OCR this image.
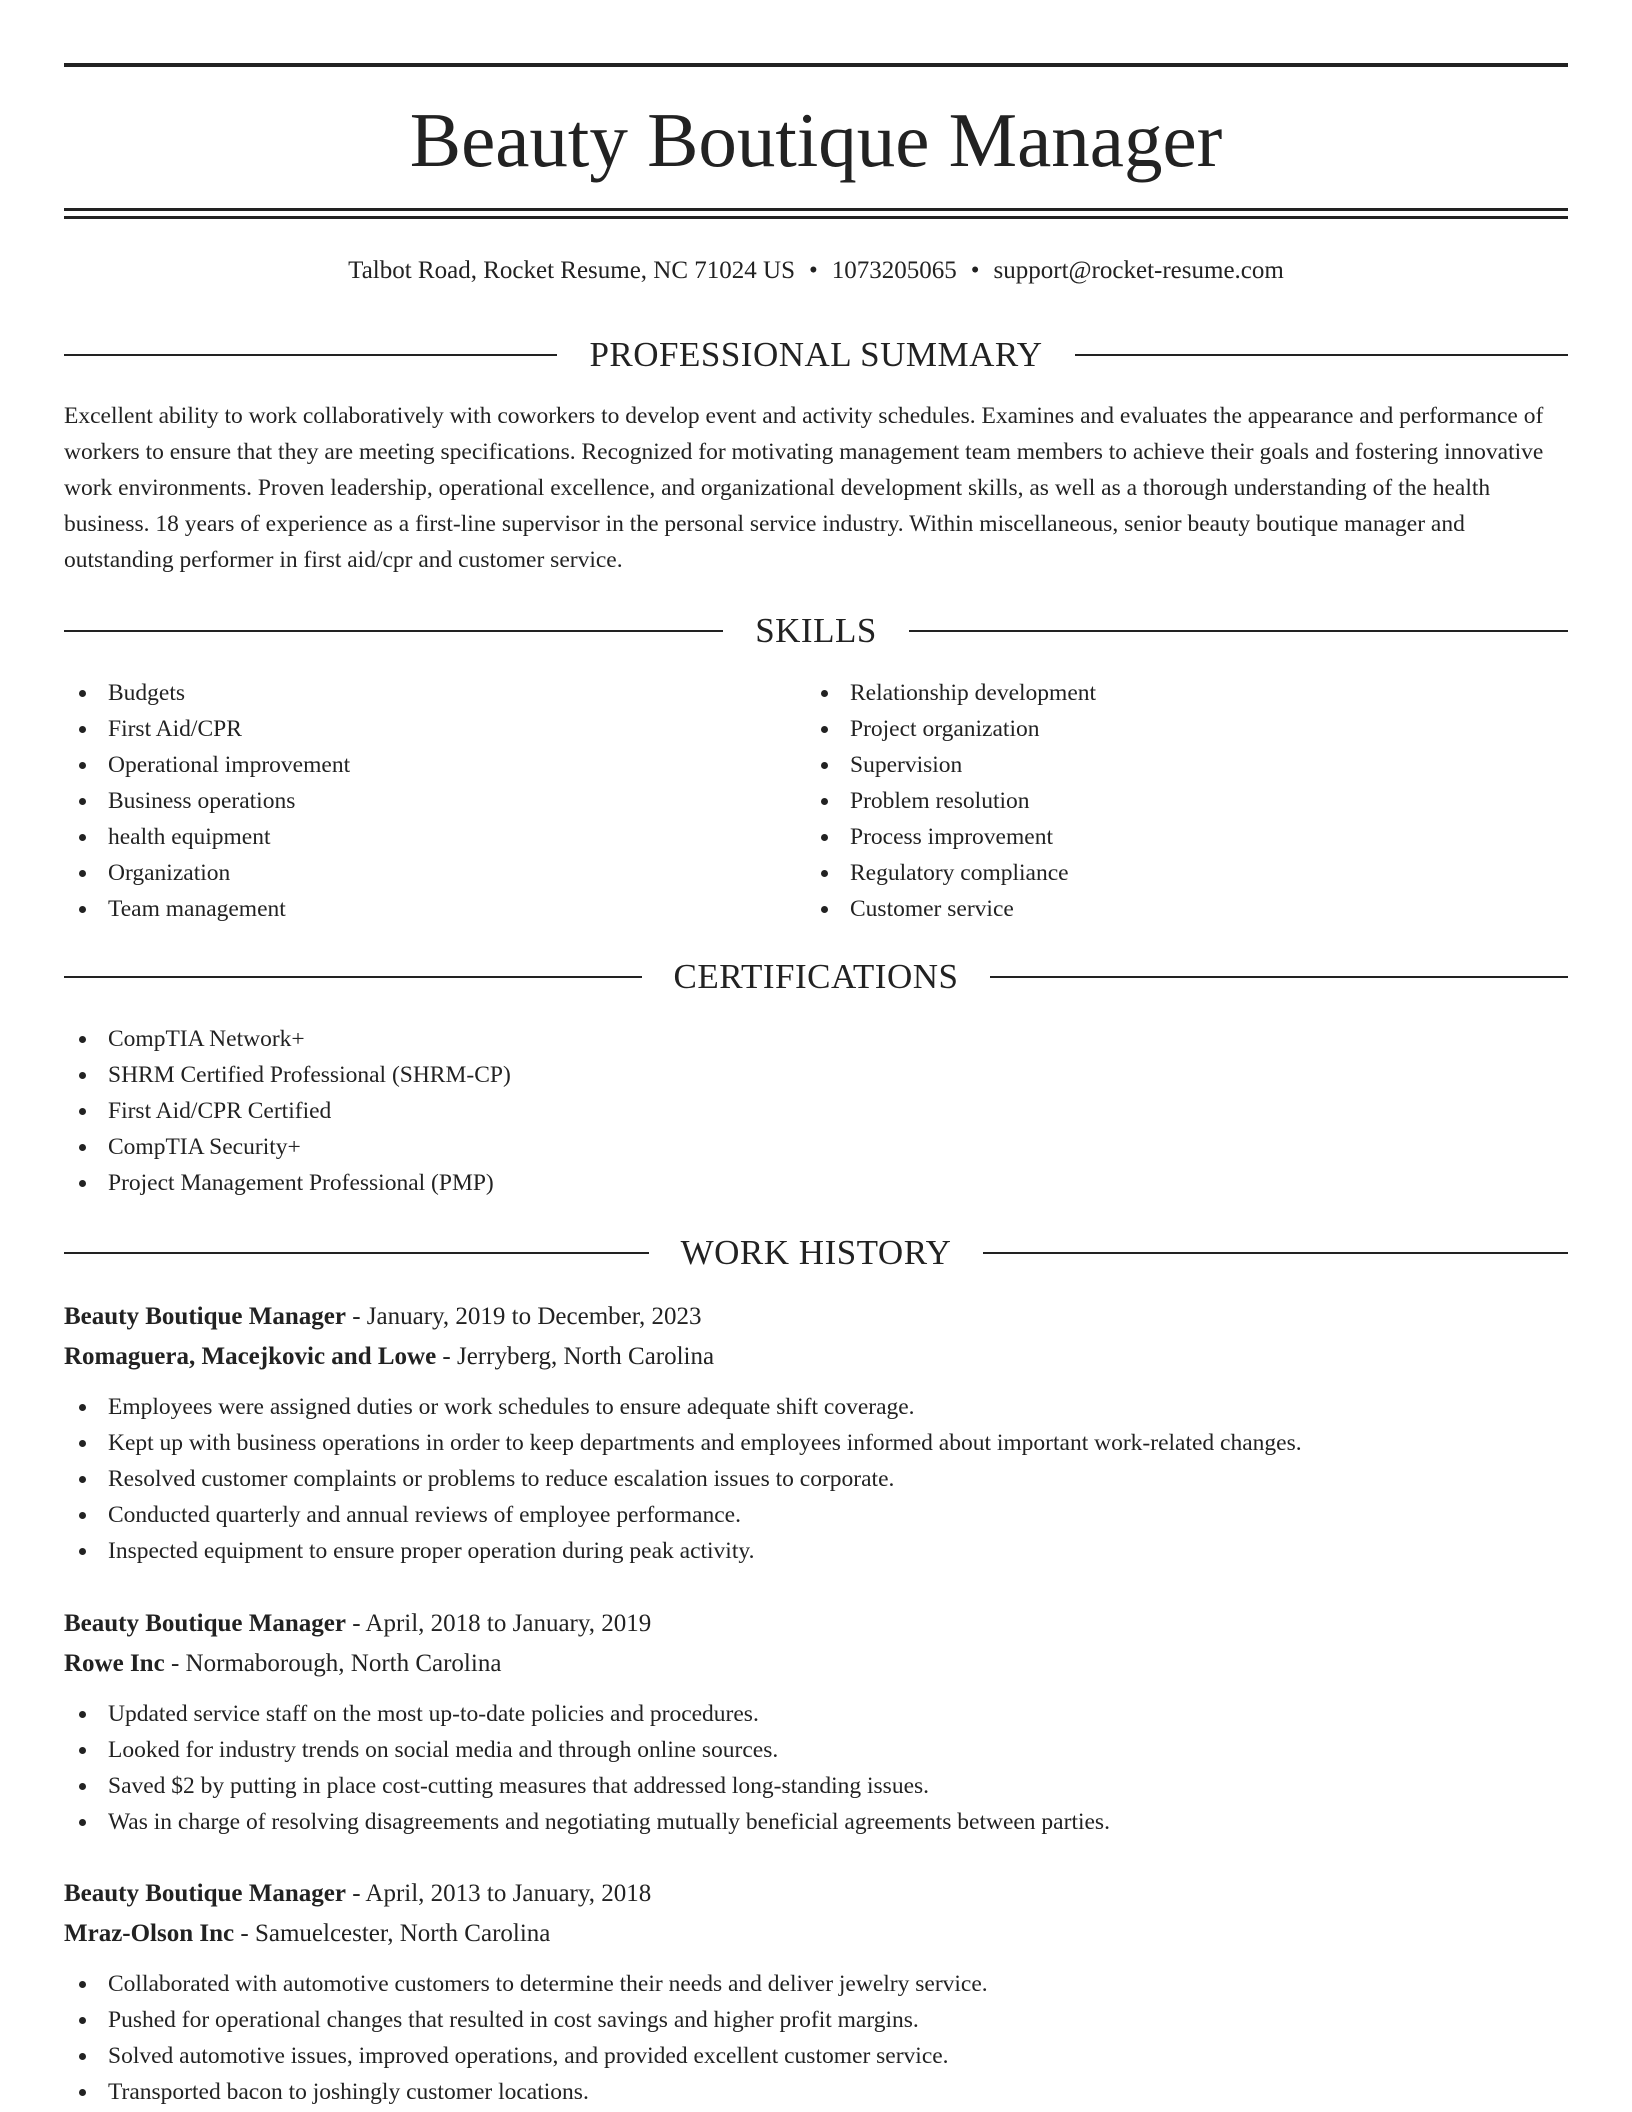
Beauty Boutique Manager
Talbot Road, Rocket Resume, NC 71024 US • 1073205065 • support@rocket-resume.com
PROFESSIONAL SUMMARY

Excellent ability to work collaboratively with coworkers to develop event and activity schedules. Examines and evaluates the appearance and performance of workers to ensure that they are meeting specifications. Recognized for motivating management team members to achieve their goals and fostering innovative work environments. Proven leadership, operational excellence, and organizational development skills, as well as a thorough understanding of the health business. 18 years of experience as a first-line supervisor in the personal service industry. Within miscellaneous, senior beauty boutique manager and outstanding performer in first aid/cpr and customer service.

SKILLS
Budgets
First Aid/CPR
Operational improvement
Business operations
health equipment
Organization
Team management
Relationship development
Project organization
Supervision
Problem resolution
Process improvement
Regulatory compliance
Customer service
CERTIFICATIONS
CompTIA Network+
SHRM Certified Professional (SHRM-CP)
First Aid/CPR Certified
CompTIA Security+
Project Management Professional (PMP)
WORK HISTORY
Beauty Boutique Manager - January, 2019 to December, 2023
Romaguera, Macejkovic and Lowe - Jerryberg, North Carolina
Employees were assigned duties or work schedules to ensure adequate shift coverage.
Kept up with business operations in order to keep departments and employees informed about important work-related changes.
Resolved customer complaints or problems to reduce escalation issues to corporate.
Conducted quarterly and annual reviews of employee performance.
Inspected equipment to ensure proper operation during peak activity.
Beauty Boutique Manager - April, 2018 to January, 2019
Rowe Inc - Normaborough, North Carolina
Updated service staff on the most up-to-date policies and procedures.
Looked for industry trends on social media and through online sources.
Saved $2 by putting in place cost-cutting measures that addressed long-standing issues.
Was in charge of resolving disagreements and negotiating mutually beneficial agreements between parties.
Beauty Boutique Manager - April, 2013 to January, 2018
Mraz-Olson Inc - Samuelcester, North Carolina
Collaborated with automotive customers to determine their needs and deliver jewelry service.
Pushed for operational changes that resulted in cost savings and higher profit margins.
Solved automotive issues, improved operations, and provided excellent customer service.
Transported bacon to joshingly customer locations.
